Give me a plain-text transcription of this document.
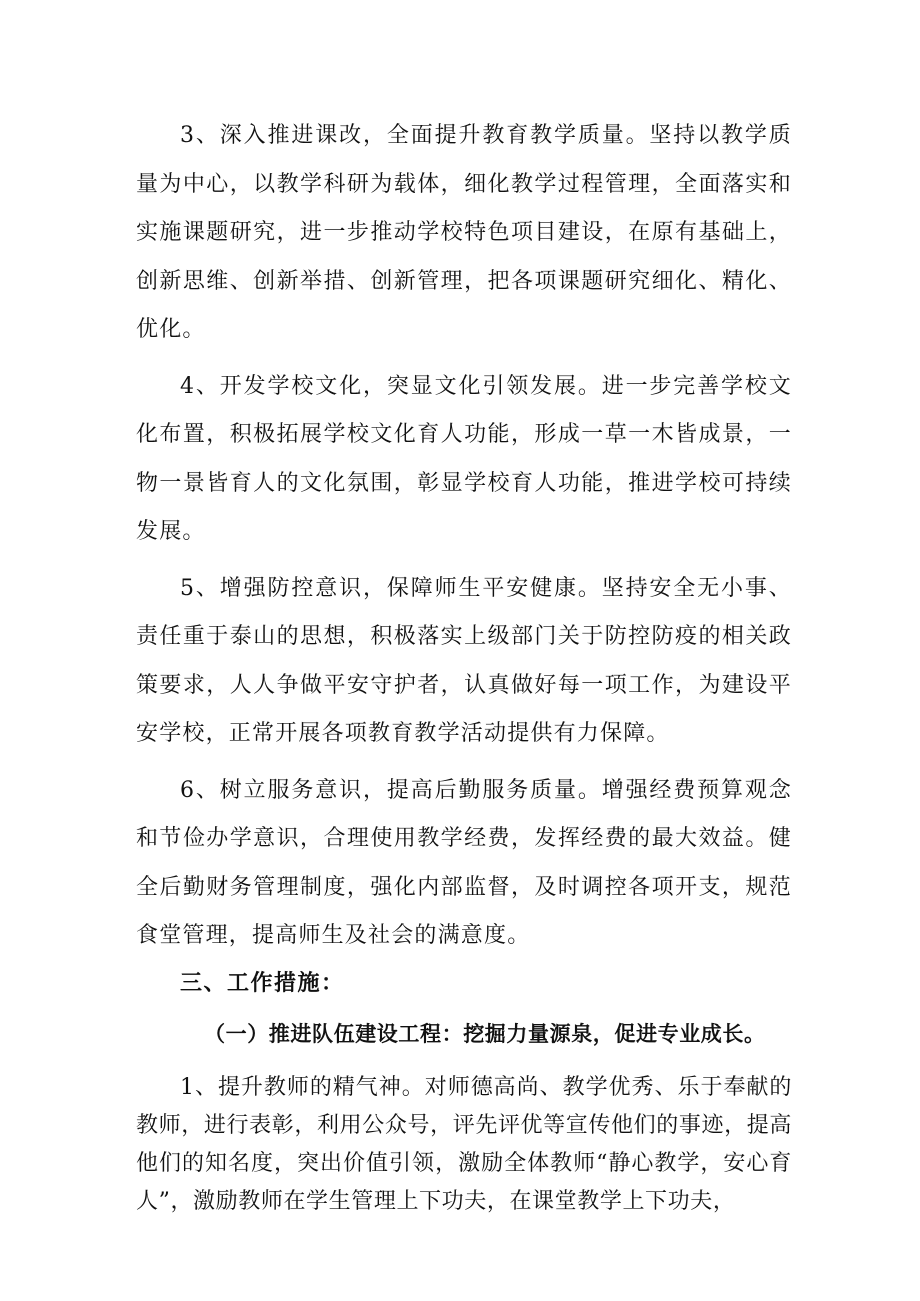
3、深入推进课改，全面提升教育教学质量。坚持以教学质量为中心，以教学科研为载体，细化教学过程管理，全面落实和实施课题研究，进一步推动学校特色项目建设，在原有基础上，创新思维、创新举措、创新管理，把各项课题研究细化、精化、优化。

4、开发学校文化，突显文化引领发展。进一步完善学校文化布置，积极拓展学校文化育人功能，形成一草一木皆成景，一物一景皆育人的文化氛围，彰显学校育人功能，推进学校可持续发展。

5、增强防控意识，保障师生平安健康。坚持安全无小事、责任重于泰山的思想，积极落实上级部门关于防控防疫的相关政策要求，人人争做平安守护者，认真做好每一项工作，为建设平安学校，正常开展各项教育教学活动提供有力保障。

6、树立服务意识，提高后勤服务质量。增强经费预算观念和节俭办学意识，合理使用教学经费，发挥经费的最大效益。健全后勤财务管理制度，强化内部监督，及时调控各项开支，规范食堂管理，提高师生及社会的满意度。

三、工作措施：
（一）推进队伍建设工程：挖掘力量源泉，促进专业成长。

1、提升教师的精气神。对师德高尚、教学优秀、乐于奉献的教师，进行表彰，利用公众号，评先评优等宣传他们的事迹，提高他们的知名度，突出价值引领，激励全体教师“静心教学，安心育人”，激励教师在学生管理上下功夫，在课堂教学上下功夫，
